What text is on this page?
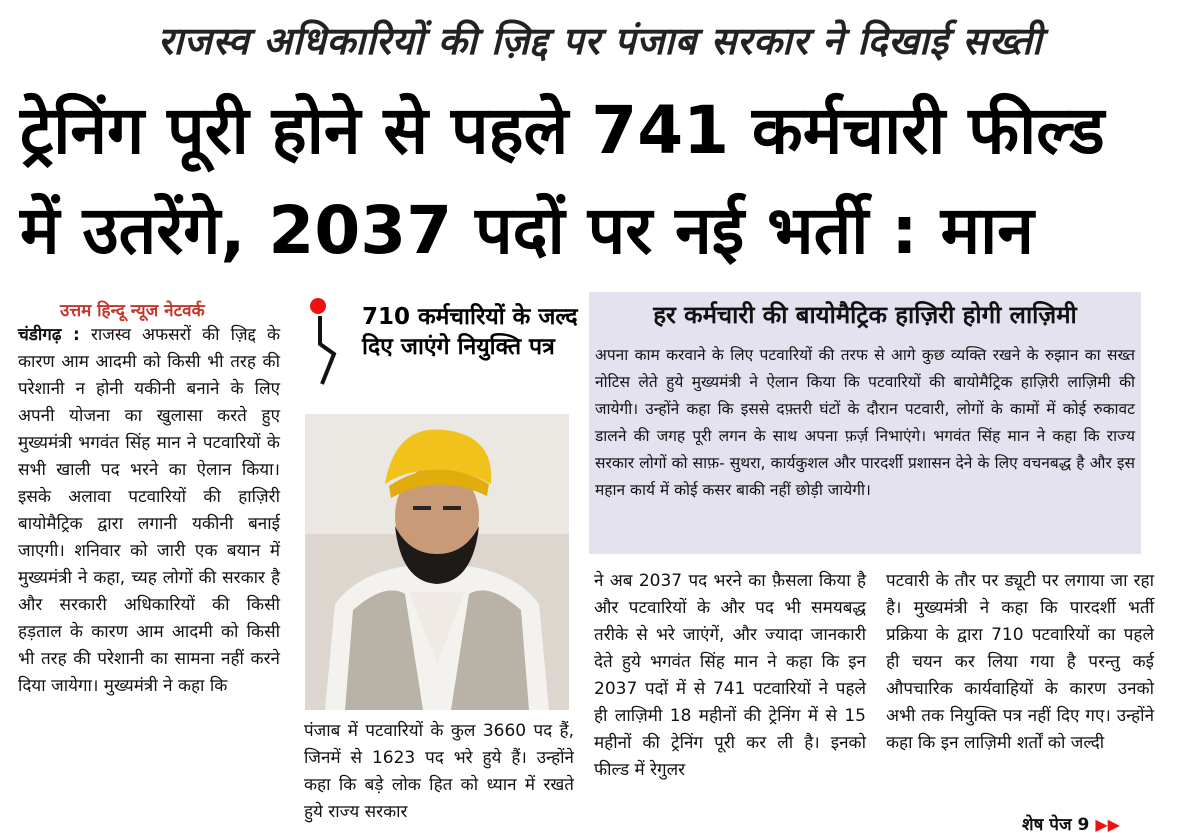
राजस्व अधिकारियों की ज़िद्द पर पंजाब सरकार ने दिखाई सख्ती
ट्रेनिंग पूरी होने से पहले 741 कर्मचारी फील्ड
में उतरेंगे, 2037 पदों पर नई भर्ती : मान
उत्तम हिन्दू न्यूज नेटवर्क
चंडीगढ़ : राजस्व अफसरों की ज़िद्द के कारण आम आदमी को किसी भी तरह की परेशानी न होनी यकीनी बनाने के लिए अपनी योजना का खुलासा करते हुए मुख्यमंत्री भगवंत सिंह मान ने पटवारियों के सभी खाली पद भरने का ऐलान किया। इसके अलावा पटवारियों की हाज़िरी बायोमैट्रिक द्वारा लगानी यकीनी बनाई जाएगी। शनिवार को जारी एक बयान में मुख्यमंत्री ने कहा, च्यह लोगों की सरकार है और सरकारी अधिकारियों की किसी हड़ताल के कारण आम आदमी को किसी भी तरह की परेशानी का सामना नहीं करने दिया जायेगा। मुख्यमंत्री ने कहा कि
710 कर्मचारियों के जल्द दिए जाएंगे नियुक्ति पत्र
हर कर्मचारी की बायोमैट्रिक हाज़िरी होगी लाज़िमी
अपना काम करवाने के लिए पटवारियों की तरफ से आगे कुछ व्यक्ति रखने के रुझान का सख्त नोटिस लेते हुये मुख्यमंत्री ने ऐलान किया कि पटवारियों की बायोमैट्रिक हाज़िरी लाज़िमी की जायेगी। उन्होंने कहा कि इससे दफ़्तरी घंटों के दौरान पटवारी, लोगों के कामों में कोई रुकावट डालने की जगह पूरी लगन के साथ अपना फ़र्ज़ निभाएंगे। भगवंत सिंह मान ने कहा कि राज्य सरकार लोगों को साफ़- सुथरा, कार्यकुशल और पारदर्शी प्रशासन देने के लिए वचनबद्ध है और इस महान कार्य में कोई कसर बाकी नहीं छोड़ी जायेगी।
पंजाब में पटवारियों के कुल 3660 पद हैं, जिनमें से 1623 पद भरे हुये हैं। उन्होंने कहा कि बड़े लोक हित को ध्यान में रखते हुये राज्य सरकार
ने अब 2037 पद भरने का फ़ैसला किया है और पटवारियों के और पद भी समयबद्ध तरीके से भरे जाएंगें, और ज्यादा जानकारी देते हुये भगवंत सिंह मान ने कहा कि इन 2037 पदों में से 741 पटवारियों ने पहले ही लाज़िमी 18 महीनों की ट्रेनिंग में से 15 महीनों की ट्रेनिंग पूरी कर ली है। इनको फील्ड में रेगुलर
पटवारी के तौर पर ड्यूटी पर लगाया जा रहा है। मुख्यमंत्री ने कहा कि पारदर्शी भर्ती प्रक्रिया के द्वारा 710 पटवारियों का पहले ही चयन कर लिया गया है परन्तु कई औपचारिक कार्यवाहियों के कारण उनको अभी तक नियुक्ति पत्र नहीं दिए गए। उन्होंने कहा कि इन लाज़िमी शर्तों को जल्दी
शेष पेज 9 ▶▶
